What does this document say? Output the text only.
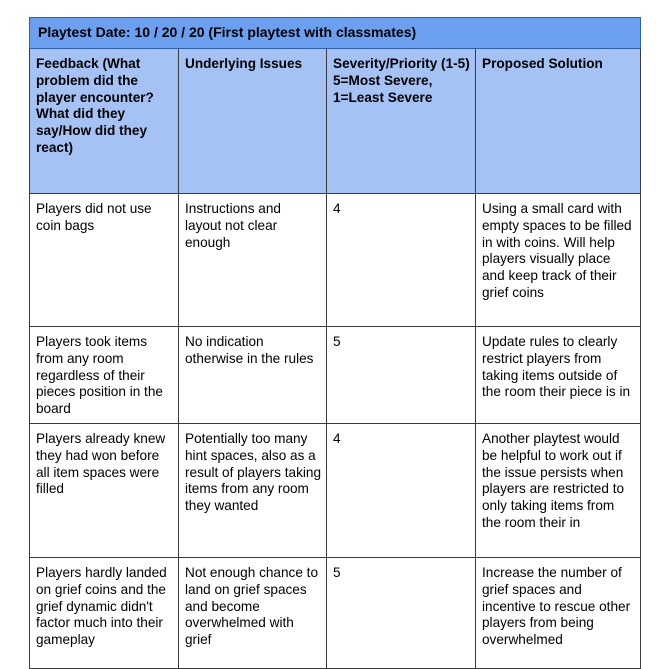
Playtest Date: 10 / 20 / 20 (First playtest with classmates)			
Feedback (What problem did the player encounter? What did they say/How did they react)	Underlying Issues	Severity/Priority (1-5) 5=Most Severe, 1=Least Severe	Proposed Solution
Players did not use coin bags	Instructions and layout not clear enough	4	Using a small card with empty spaces to be filled in with coins. Will help players visually place and keep track of their grief coins
Players took items from any room regardless of their pieces position in the board	No indication otherwise in the rules	5	Update rules to clearly restrict players from taking items outside of the room their piece is in
Players already knew they had won before all item spaces were filled	Potentially too many hint spaces, also as a result of players taking items from any room they wanted	4	Another playtest would be helpful to work out if the issue persists when players are restricted to only taking items from the room their in
Players hardly landed on grief coins and the grief dynamic didn't factor much into their gameplay	Not enough chance to land on grief spaces and become overwhelmed with grief	5	Increase the number of grief spaces and incentive to rescue other players from being overwhelmed
